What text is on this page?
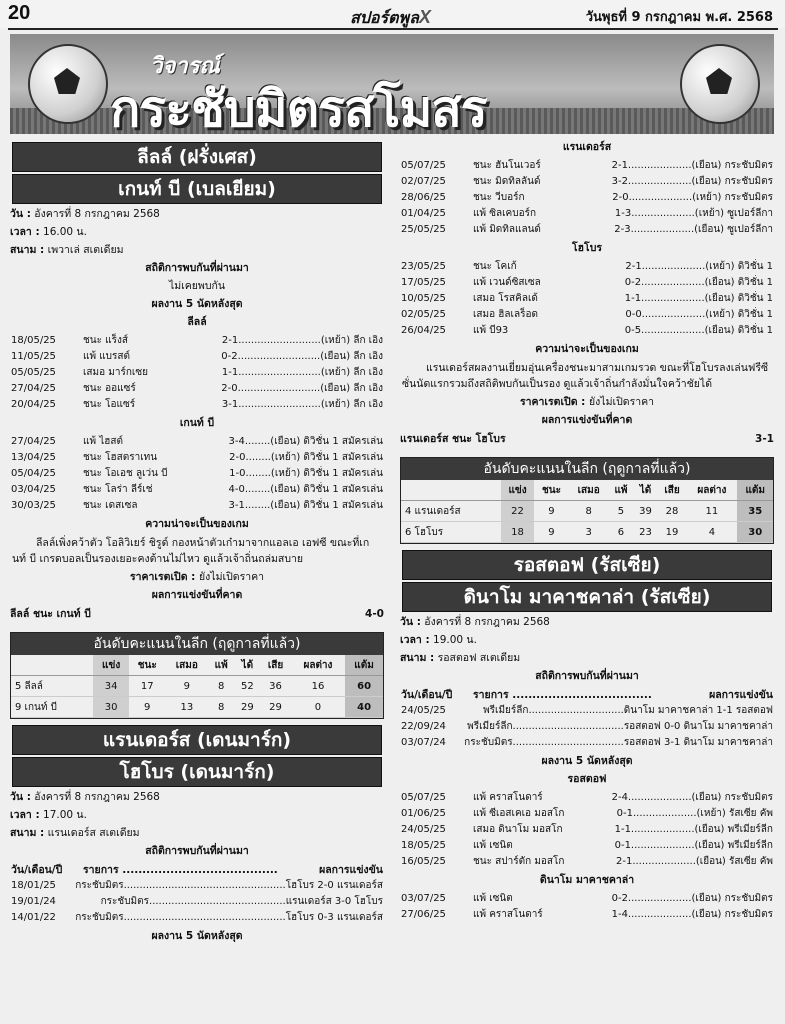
20	สปอร์ตพูลX	วันพุธที่ 9 กรกฎาคม พ.ศ. 2568
วิจารณ์
กระชับมิตรสโมสร
ลีลล์ (ฝรั่งเศส)
เกนท์ บี (เบลเยียม)
วัน : อังคารที่ 8 กรกฎาคม 2568
เวลา : 16.00 น.
สนาม : เพวาเล่ สเตเดียม
สถิติการพบกันที่ผ่านมา
ไม่เคยพบกัน
ผลงาน 5 นัดหลังสุด
ลีลล์
18/05/25	ชนะ แร็งส์	2-1..........................(เหย้า) ลีก เอิง
11/05/25	แพ้ แบรสต์	0-2..........................(เยือน) ลีก เอิง
05/05/25	เสมอ มาร์กเซย	1-1..........................(เหย้า) ลีก เอิง
27/04/25	ชนะ ออแซร์	2-0..........................(เยือน) ลีก เอิง
20/04/25	ชนะ โอแซร์	3-1..........................(เหย้า) ลีก เอิง
เกนท์ บี
27/04/25	แพ้ ไฮสต์	3-4........(เยือน) ดิวิชั่น 1 สมัครเล่น
13/04/25	ชนะ โฮสตราเทน	2-0........(เหย้า) ดิวิชั่น 1 สมัครเล่น
05/04/25	ชนะ โอเอช ลูเว่น บี	1-0........(เหย้า) ดิวิชั่น 1 สมัครเล่น
03/04/25	ชนะ โลร่า ลีร์เช่	4-0........(เยือน) ดิวิชั่น 1 สมัครเล่น
30/03/25	ชนะ เดสเซล	3-1........(เยือน) ดิวิชั่น 1 สมัครเล่น
ความน่าจะเป็นของเกม
ลีลล์เพิ่งคว้าตัว โอลิวิเยร์ ชิรูด์ กองหน้าตัวเก๋ามาจากแอลเอ เอฟซี ขณะที่เกนท์ บี เกรดบอลเป็นรองเยอะคงต้านไม่ไหว ดูแล้วเจ้าถิ่นถล่มสบาย
ราคาเรตเปิด : ยังไม่เปิดราคา
ผลการแข่งขันที่คาด
ลีลล์ ชนะ เกนท์ บี	4-0
อันดับคะแนนในลีก (ฤดูกาลที่แล้ว)
	แข่ง	ชนะ	เสมอ	แพ้	ได้	เสีย	ผลต่าง	แต้ม
5 ลีลล์	34	17	9	8	52	36	16	60
9 เกนท์ บี	30	9	13	8	29	29	0	40
แรนเดอร์ส (เดนมาร์ก)
โฮโบร (เดนมาร์ก)
วัน : อังคารที่ 8 กรกฎาคม 2568
เวลา : 17.00 น.
สนาม : แรนเดอร์ส สเตเดียม
สถิติการพบกันที่ผ่านมา
วัน/เดือน/ปี	รายการ .......................................	ผลการแข่งขัน
18/01/25	กระชับมิตร...................................................โฮโบร 2-0 แรนเดอร์ส
19/01/24	กระชับมิตร...........................................แรนเดอร์ส 3-0 โฮโบร
14/01/22	กระชับมิตร...................................................โฮโบร 0-3 แรนเดอร์ส
ผลงาน 5 นัดหลังสุด
แรนเดอร์ส
05/07/25	ชนะ ฮันโนเวอร์	2-1....................(เยือน) กระชับมิตร
02/07/25	ชนะ มิดทิลลันด์	3-2....................(เยือน) กระชับมิตร
28/06/25	ชนะ วีบอร์ก	2-0....................(เหย้า) กระชับมิตร
01/04/25	แพ้ ซิลเคบอร์ก	1-3....................(เหย้า) ซูเปอร์ลีกา
25/05/25	แพ้ มิดทิลแลนด์	2-3....................(เยือน) ซูเปอร์ลีกา
โฮโบร
23/05/25	ชนะ โคเก้	2-1....................(เหย้า) ดิวิชั่น 1
17/05/25	แพ้ เวนด์ซิสเซล	0-2....................(เยือน) ดิวิชั่น 1
10/05/25	เสมอ โรสคิลเด้	1-1....................(เยือน) ดิวิชั่น 1
02/05/25	เสมอ ฮิลเลร็อด	0-0....................(เหย้า) ดิวิชั่น 1
26/04/25	แพ้ บี93	0-5....................(เยือน) ดิวิชั่น 1
ความน่าจะเป็นของเกม
แรนเดอร์สผลงานเยี่ยมอุ่นเครื่องชนะมาสามเกมรวด ขณะที่โฮโบรลงเล่นฟรีซีซั่นนัดแรกรวมถึงสถิติพบกันเป็นรอง ดูแล้วเจ้าถิ่นกำลังมั่นใจคว้าชัยได้
ราคาเรตเปิด : ยังไม่เปิดราคา
ผลการแข่งขันที่คาด
แรนเดอร์ส ชนะ โฮโบร	3-1
อันดับคะแนนในลีก (ฤดูกาลที่แล้ว)
	แข่ง	ชนะ	เสมอ	แพ้	ได้	เสีย	ผลต่าง	แต้ม
4 แรนเดอร์ส	22	9	8	5	39	28	11	35
6 โฮโบร	18	9	3	6	23	19	4	30
รอสตอฟ (รัสเซีย)
ดินาโม มาคาชคาล่า (รัสเซีย)
วัน : อังคารที่ 8 กรกฎาคม 2568
เวลา : 19.00 น.
สนาม : รอสตอฟ สเตเดียม
สถิติการพบกันที่ผ่านมา
วัน/เดือน/ปี	รายการ ...................................	ผลการแข่งขัน
24/05/25	พรีเมียร์ลีก..............................ดินาโม มาคาชคาล่า 1-1 รอสตอฟ
22/09/24	พรีเมียร์ลีก...................................รอสตอฟ 0-0 ดินาโม มาคาชคาล่า
03/07/24	กระชับมิตร...................................รอสตอฟ 3-1 ดินาโม มาคาชคาล่า
ผลงาน 5 นัดหลังสุด
รอสตอฟ
05/07/25	แพ้ คราสโนดาร์	2-4....................(เยือน) กระชับมิตร
01/06/25	แพ้ ซีเอสเคเอ มอสโก	0-1....................(เหย้า) รัสเซีย คัพ
24/05/25	เสมอ ดินาโม มอสโก	1-1....................(เยือน) พรีเมียร์ลีก
18/05/25	แพ้ เซนิต	0-1....................(เยือน) พรีเมียร์ลีก
16/05/25	ชนะ สปาร์ตัก มอสโก	2-1....................(เยือน) รัสเซีย คัพ
ดินาโม มาคาชคาล่า
03/07/25	แพ้ เซนิต	0-2....................(เยือน) กระชับมิตร
27/06/25	แพ้ คราสโนดาร์	1-4....................(เยือน) กระชับมิตร
